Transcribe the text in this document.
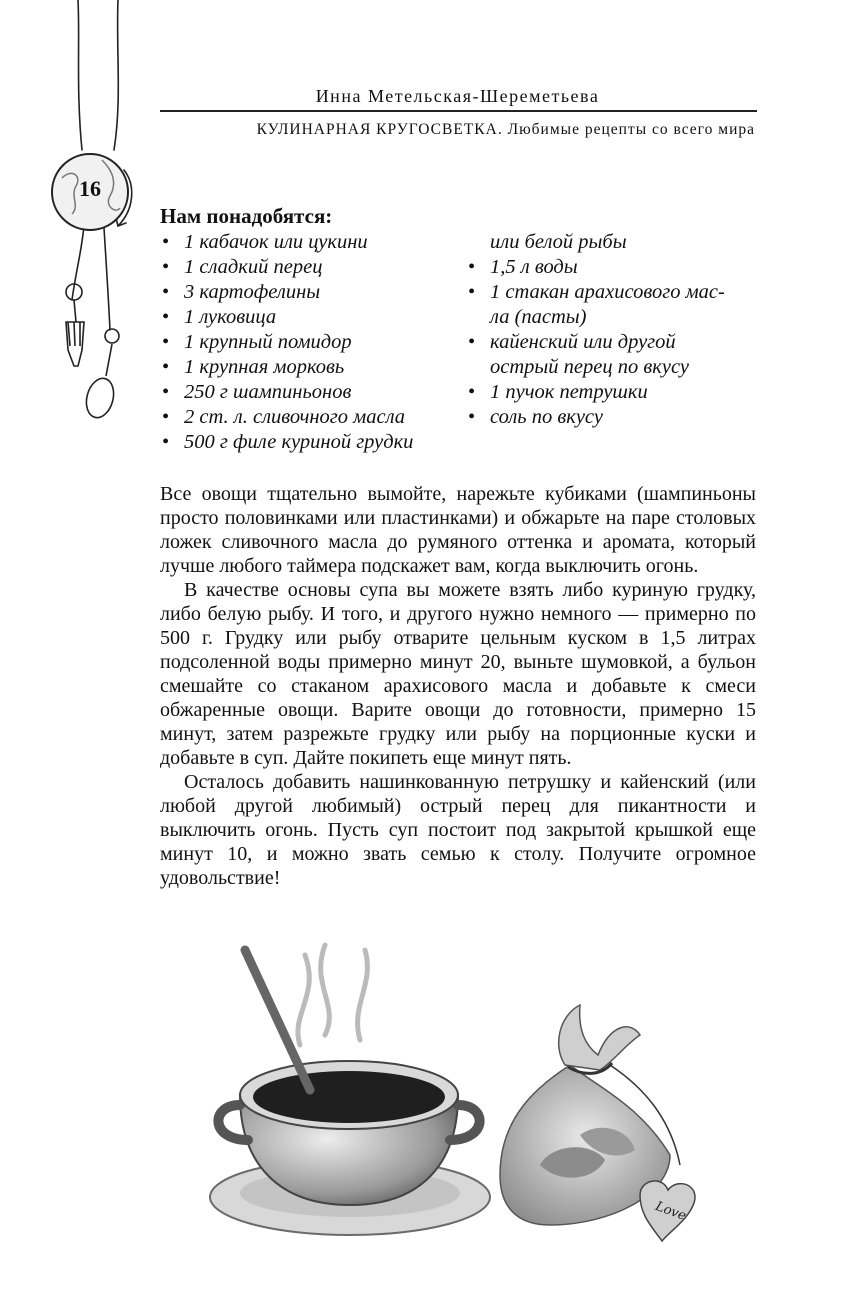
16
Инна Метельская-Шереметьева
КУЛИНАРНАЯ КРУГОСВЕТКА. Любимые рецепты со всего мира
Нам понадобятся:
• 1 кабачок или цукини
• 1 сладкий перец
• 3 картофелины
• 1 луковица
• 1 крупный помидор
• 1 крупная морковь
• 250 г шампиньонов
• 2 ст. л. сливочного масла
• 500 г филе куриной грудки
или белой рыбы
• 1,5 л воды
• 1 стакан арахисового мас-
ла (пасты)
• кайенский или другой
острый перец по вкусу
• 1 пучок петрушки
• соль по вкусу

Все овощи тщательно вымойте, нарежьте кубиками (шампиньоны просто половинками или пластинками) и обжарьте на паре столовых ложек сливочного масла до румяного оттенка и аромата, который лучше любого таймера подскажет вам, когда выключить огонь.

В качестве основы супа вы можете взять либо куриную грудку, либо белую рыбу. И того, и другого нужно немного — примерно по 500 г. Грудку или рыбу отварите цельным куском в 1,5 литрах подсоленной воды примерно минут 20, выньте шумовкой, а бульон смешайте со стаканом арахисового масла и добавьте к смеси обжаренные овощи. Варите овощи до готовности, примерно 15 минут, затем разрежьте грудку или рыбу на порционные куски и добавьте в суп. Дайте покипеть еще минут пять.

Осталось добавить нашинкованную петрушку и кайенский (или любой другой любимый) острый перец для пикантности и выключить огонь. Пусть суп постоит под закрытой крышкой еще минут 10, и можно звать семью к столу. Получите огромное удовольствие!

Love
